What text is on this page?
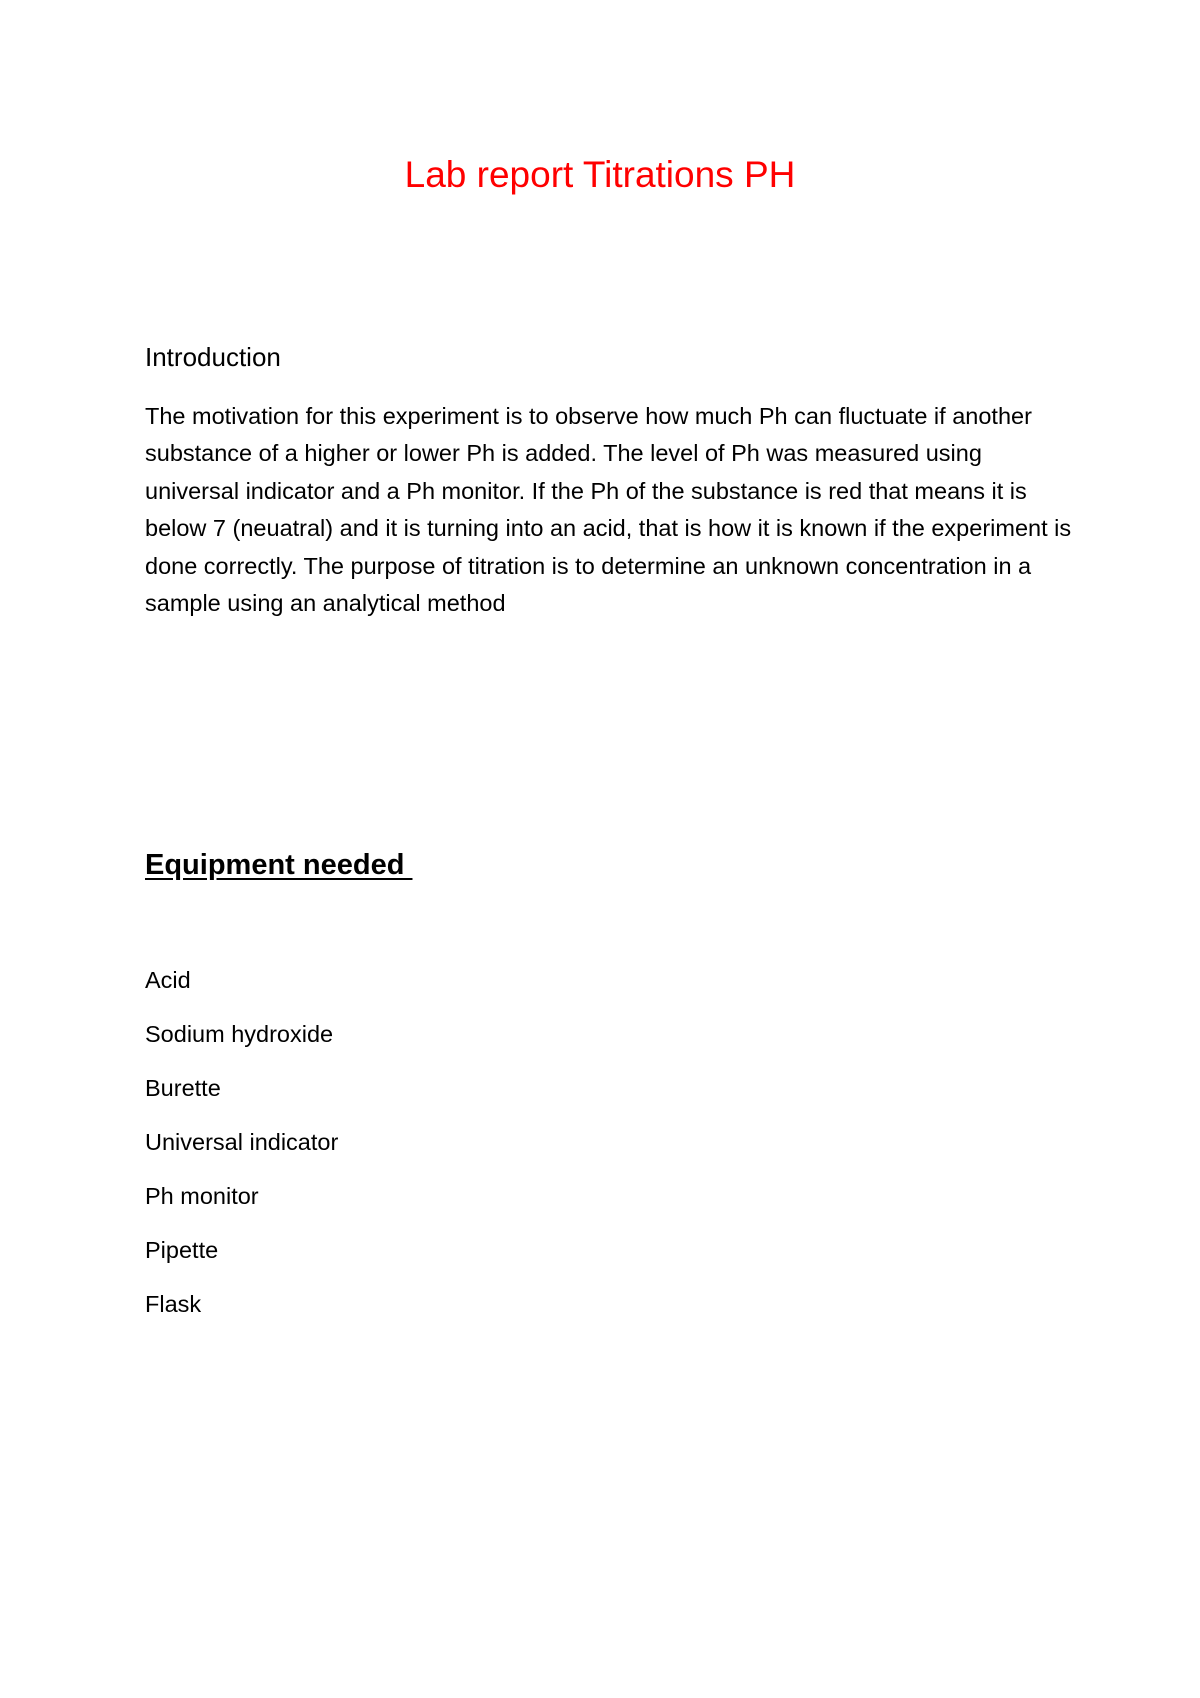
Lab report Titrations PH
Introduction

The motivation for this experiment is to observe how much Ph can fluctuate if another substance of a higher or lower Ph is added. The level of Ph was measured using universal indicator and a Ph monitor. If the Ph of the substance is red that means it is below 7 (neuatral) and it is turning into an acid, that is how it is known if the experiment is done correctly. The purpose of titration is to determine an unknown concentration in a sample using an analytical method

Equipment needed
Acid
Sodium hydroxide
Burette
Universal indicator
Ph monitor
Pipette
Flask
